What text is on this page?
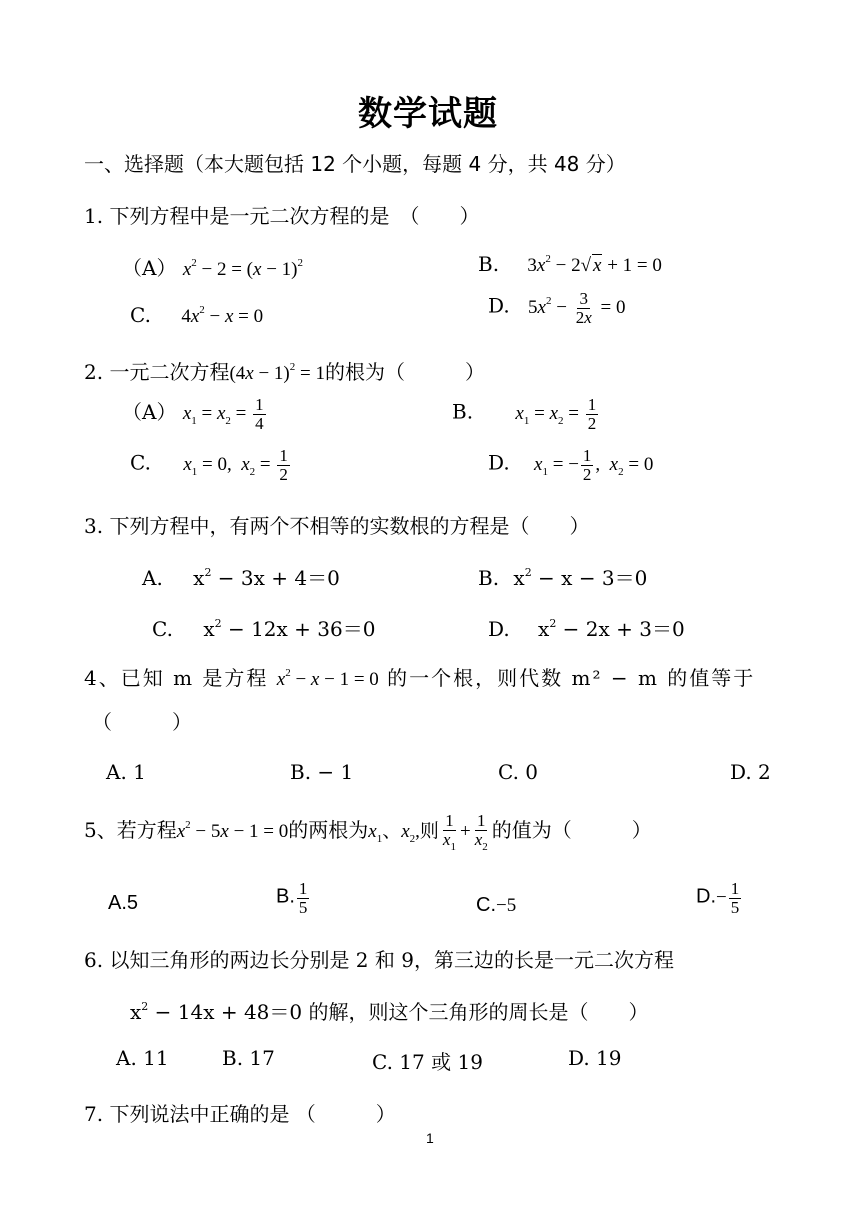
数学试题
一、选择题（本大题包括 12 个小题，每题 4 分，共 48 分）
1. 下列方程中是一元二次方程的是　（　　）
（A） $x^2 - 2 = (x - 1)^2$	B. $3x^2 - 2√$ x + 1 = 0
C. $4x^2 - x = 0$	D. $5x^2 - \frac{3}{2x} = 0$
2. 一元二次方程$(4x - 1)^2 = 1$的根为（　　　）
（A） $x_1 = x_2 = \frac{1}{4}$	B. $x_1 = x_2 = \frac{1}{2}$
C. $x_1 = 0$,  $x_2 = \frac{1}{2}$	D. $x_1$ = − $\frac{1}{2}$ ,  $x_2 = 0$
3. 下列方程中，有两个不相等的实数根的方程是（　　）
A. $x^2 - 3x + 4=0$	B. $x^2 - x - 3=0$
C. $x^2 - 12x + 36=0$	D. $x^2 - 2x + 3=0$
4、已知 m 是方程 $x^2 - x - 1 = 0$ 的一个根，则代数 m² − m 的值等于
（　　　）
A. 1	B. − 1	C. 0	D. 2
5、若方程$x^2 - 5x - 1 = 0$的两根为$x_1$、$x_2$,则 $\frac{1}{x_1} + \frac{1}{x_2}$ 的值为（　　　）
A.5	B. $\frac{1}{5}$	C.−5	$D.- \frac{1}{5}$
6. 以知三角形的两边长分别是 2 和 9，第三边的长是一元二次方程
$x^2 - 14x + 48=0$ 的解，则这个三角形的周长是（　　）
A. 11	B. 17	C. 17 或 19	D. 19
7. 下列说法中正确的是 （　　　）
1
